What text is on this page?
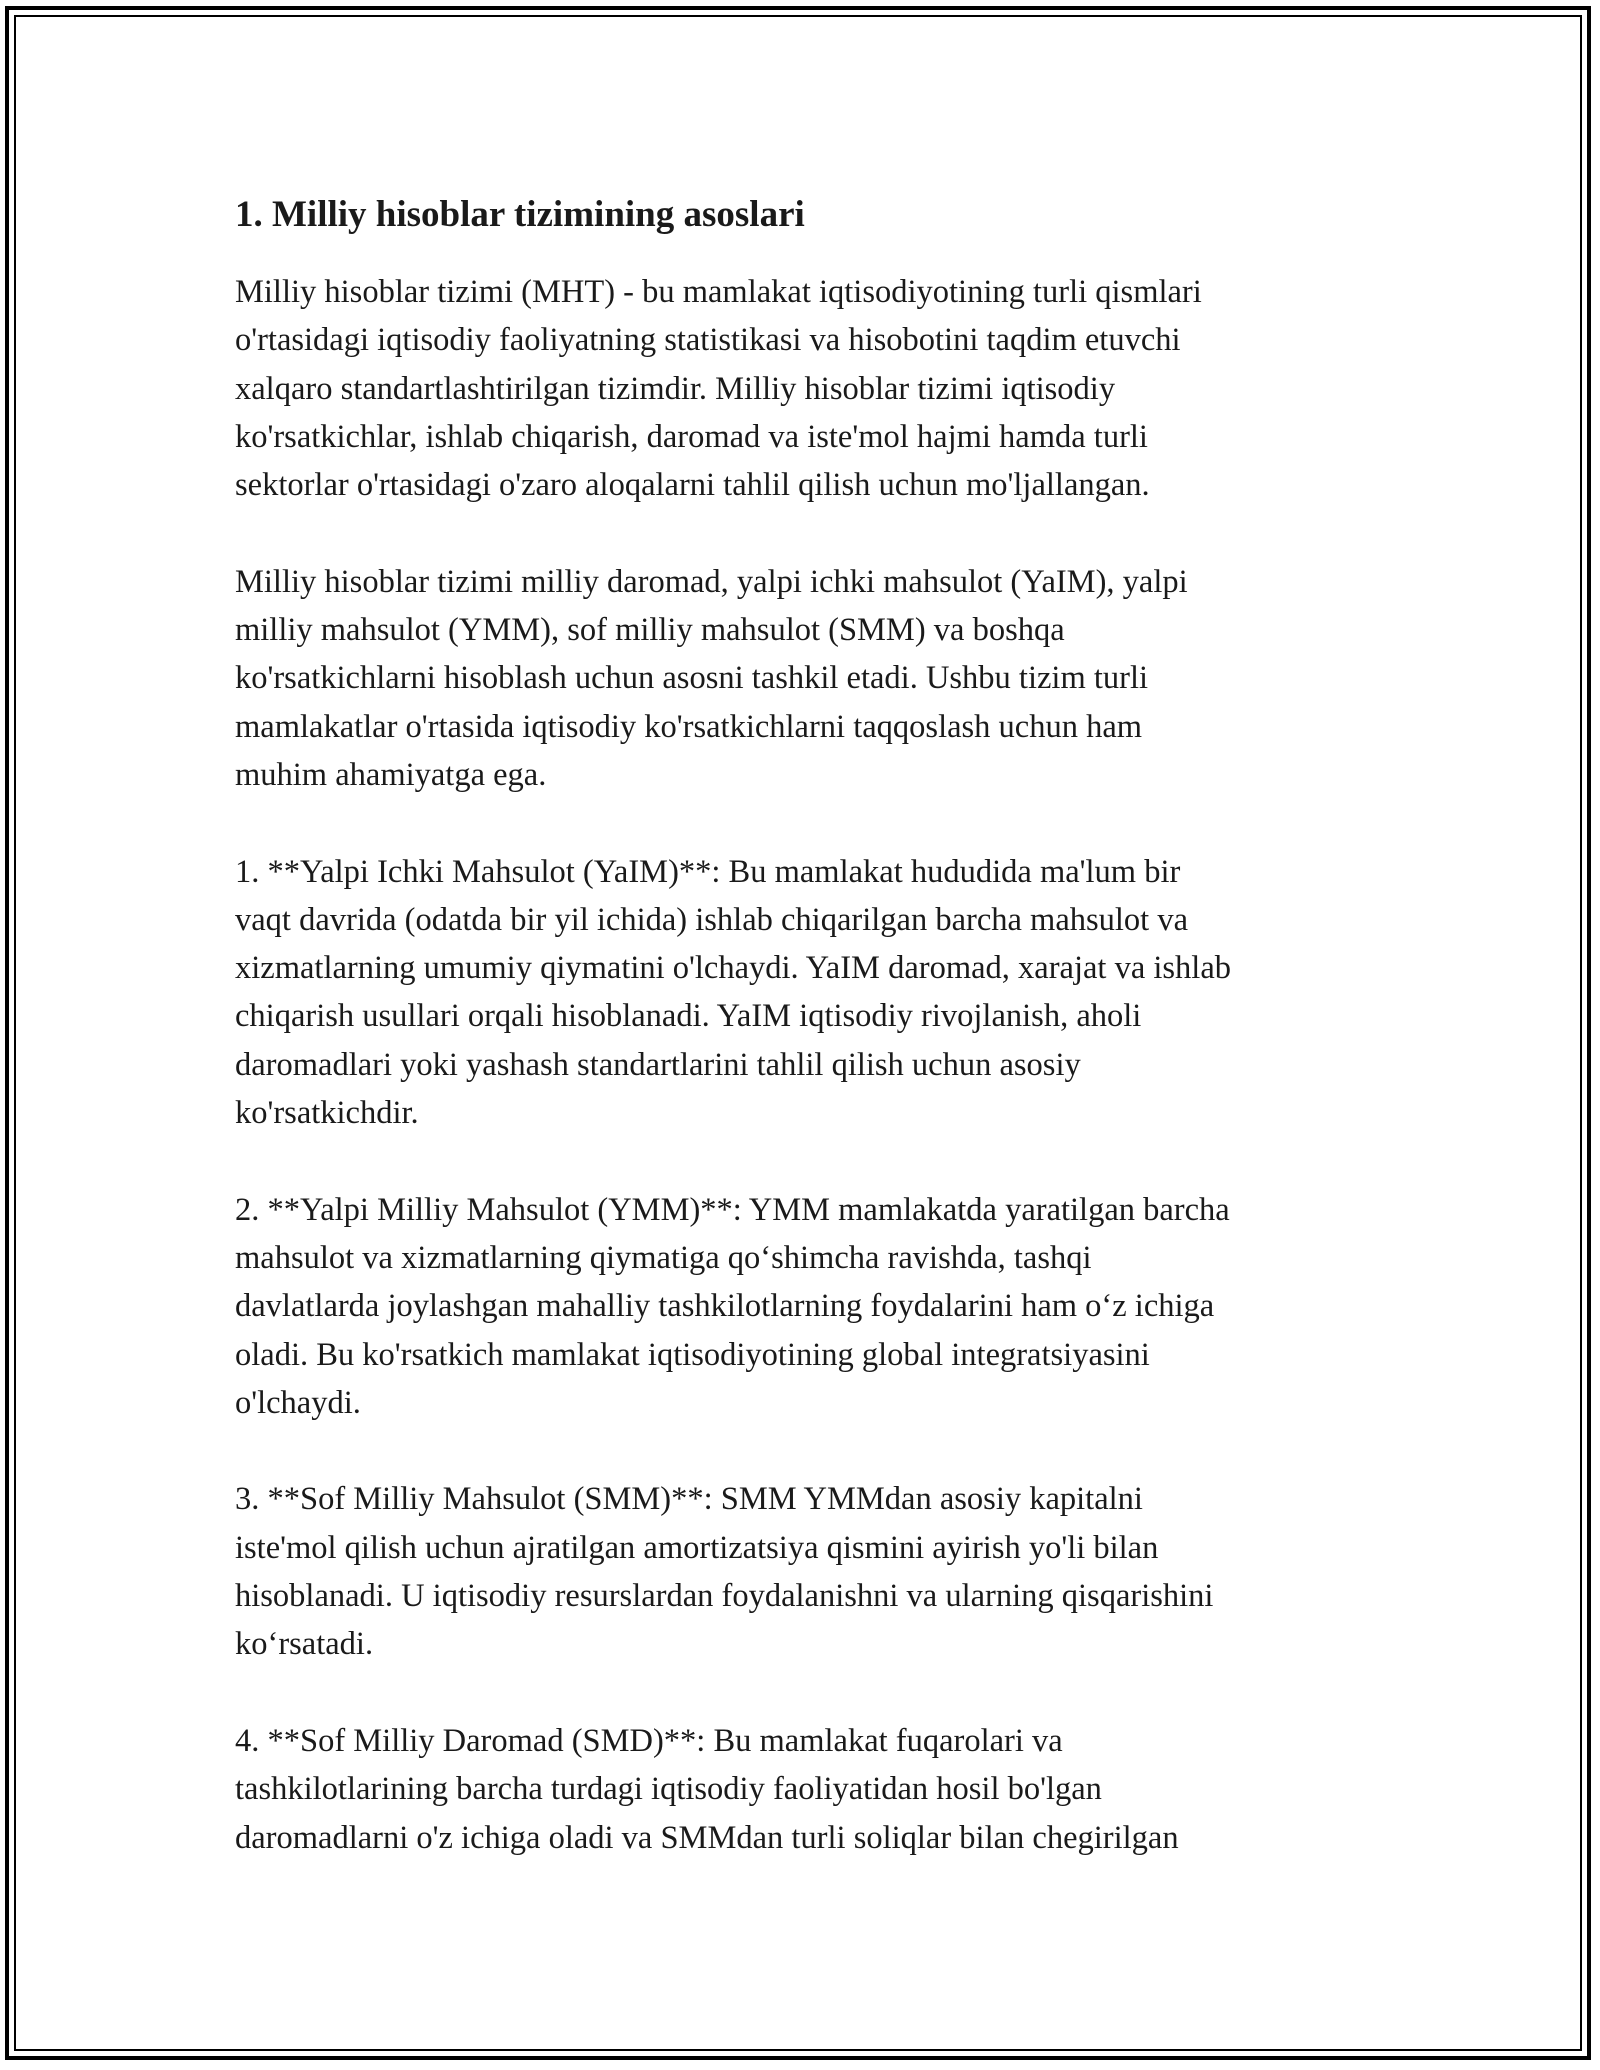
1. Milliy hisoblar tizimining asoslari

Milliy hisoblar tizimi (MHT) - bu mamlakat iqtisodiyotining turli qismlari
o'rtasidagi iqtisodiy faoliyatning statistikasi va hisobotini taqdim etuvchi
xalqaro standartlashtirilgan tizimdir. Milliy hisoblar tizimi iqtisodiy
ko'rsatkichlar, ishlab chiqarish, daromad va iste'mol hajmi hamda turli
sektorlar o'rtasidagi o'zaro aloqalarni tahlil qilish uchun mo'ljallangan.

Milliy hisoblar tizimi milliy daromad, yalpi ichki mahsulot (YaIM), yalpi
milliy mahsulot (YMM), sof milliy mahsulot (SMM) va boshqa
ko'rsatkichlarni hisoblash uchun asosni tashkil etadi. Ushbu tizim turli
mamlakatlar o'rtasida iqtisodiy ko'rsatkichlarni taqqoslash uchun ham
muhim ahamiyatga ega.

1. **Yalpi Ichki Mahsulot (YaIM)**: Bu mamlakat hududida ma'lum bir
vaqt davrida (odatda bir yil ichida) ishlab chiqarilgan barcha mahsulot va
xizmatlarning umumiy qiymatini o'lchaydi. YaIM daromad, xarajat va ishlab
chiqarish usullari orqali hisoblanadi. YaIM iqtisodiy rivojlanish, aholi
daromadlari yoki yashash standartlarini tahlil qilish uchun asosiy
ko'rsatkichdir.

2. **Yalpi Milliy Mahsulot (YMM)**: YMM mamlakatda yaratilgan barcha
mahsulot va xizmatlarning qiymatiga qo‘shimcha ravishda, tashqi
davlatlarda joylashgan mahalliy tashkilotlarning foydalarini ham o‘z ichiga
oladi. Bu ko'rsatkich mamlakat iqtisodiyotining global integratsiyasini
o'lchaydi.

3. **Sof Milliy Mahsulot (SMM)**: SMM YMMdan asosiy kapitalni
iste'mol qilish uchun ajratilgan amortizatsiya qismini ayirish yo'li bilan
hisoblanadi. U iqtisodiy resurslardan foydalanishni va ularning qisqarishini
ko‘rsatadi.

4. **Sof Milliy Daromad (SMD)**: Bu mamlakat fuqarolari va
tashkilotlarining barcha turdagi iqtisodiy faoliyatidan hosil bo'lgan
daromadlarni o'z ichiga oladi va SMMdan turli soliqlar bilan chegirilgan
